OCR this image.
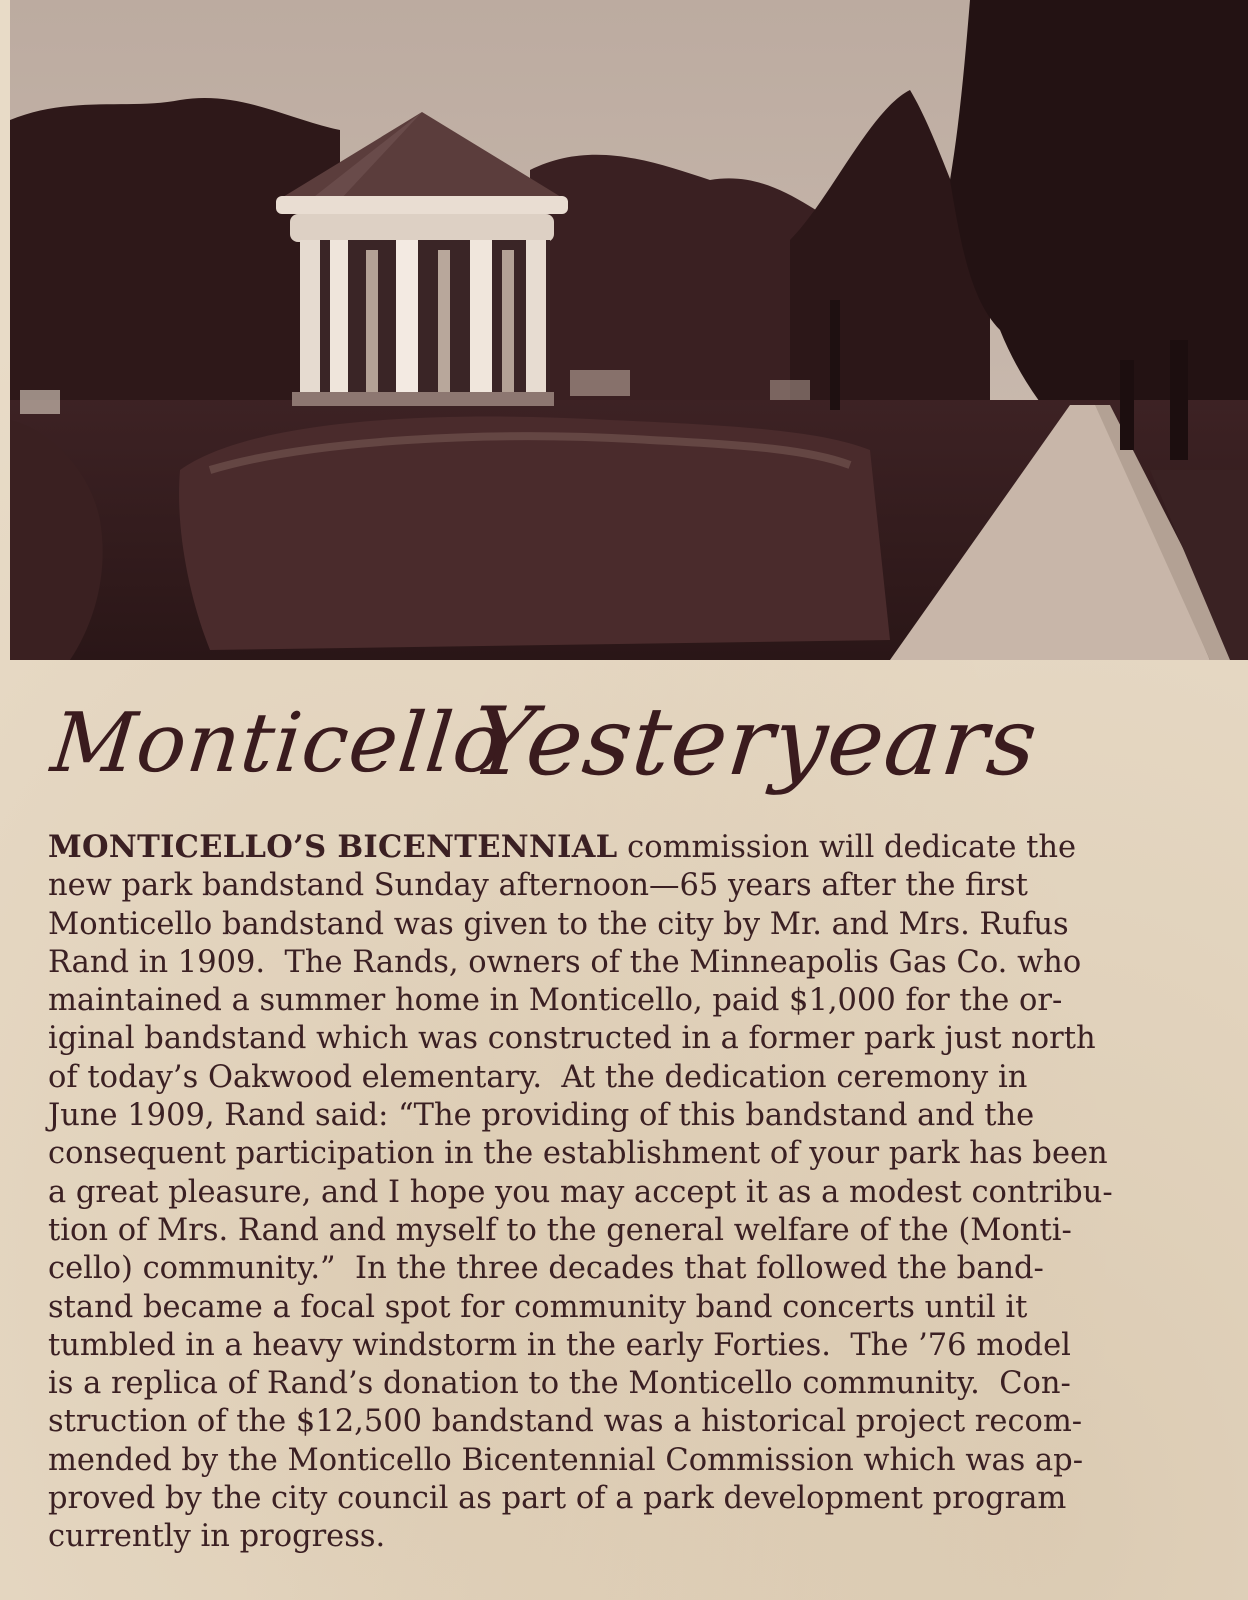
Monticello
Yesteryears
MONTICELLO’S BICENTENNIAL commission will dedicate the
new park bandstand Sunday afternoon—65 years after the first
Monticello bandstand was given to the city by Mr. and Mrs. Rufus
Rand in 1909.  The Rands, owners of the Minneapolis Gas Co. who
maintained a summer home in Monticello, paid $1,000 for the or-
iginal bandstand which was constructed in a former park just north
of today’s Oakwood elementary.  At the dedication ceremony in
June 1909, Rand said: “The providing of this bandstand and the
consequent participation in the establishment of your park has been
a great pleasure, and I hope you may accept it as a modest contribu-
tion of Mrs. Rand and myself to the general welfare of the (Monti-
cello) community.”  In the three decades that followed the band-
stand became a focal spot for community band concerts until it
tumbled in a heavy windstorm in the early Forties.  The ’76 model
is a replica of Rand’s donation to the Monticello community.  Con-
struction of the $12,500 bandstand was a historical project recom-
mended by the Monticello Bicentennial Commission which was ap-
proved by the city council as part of a park development program
currently in progress.
